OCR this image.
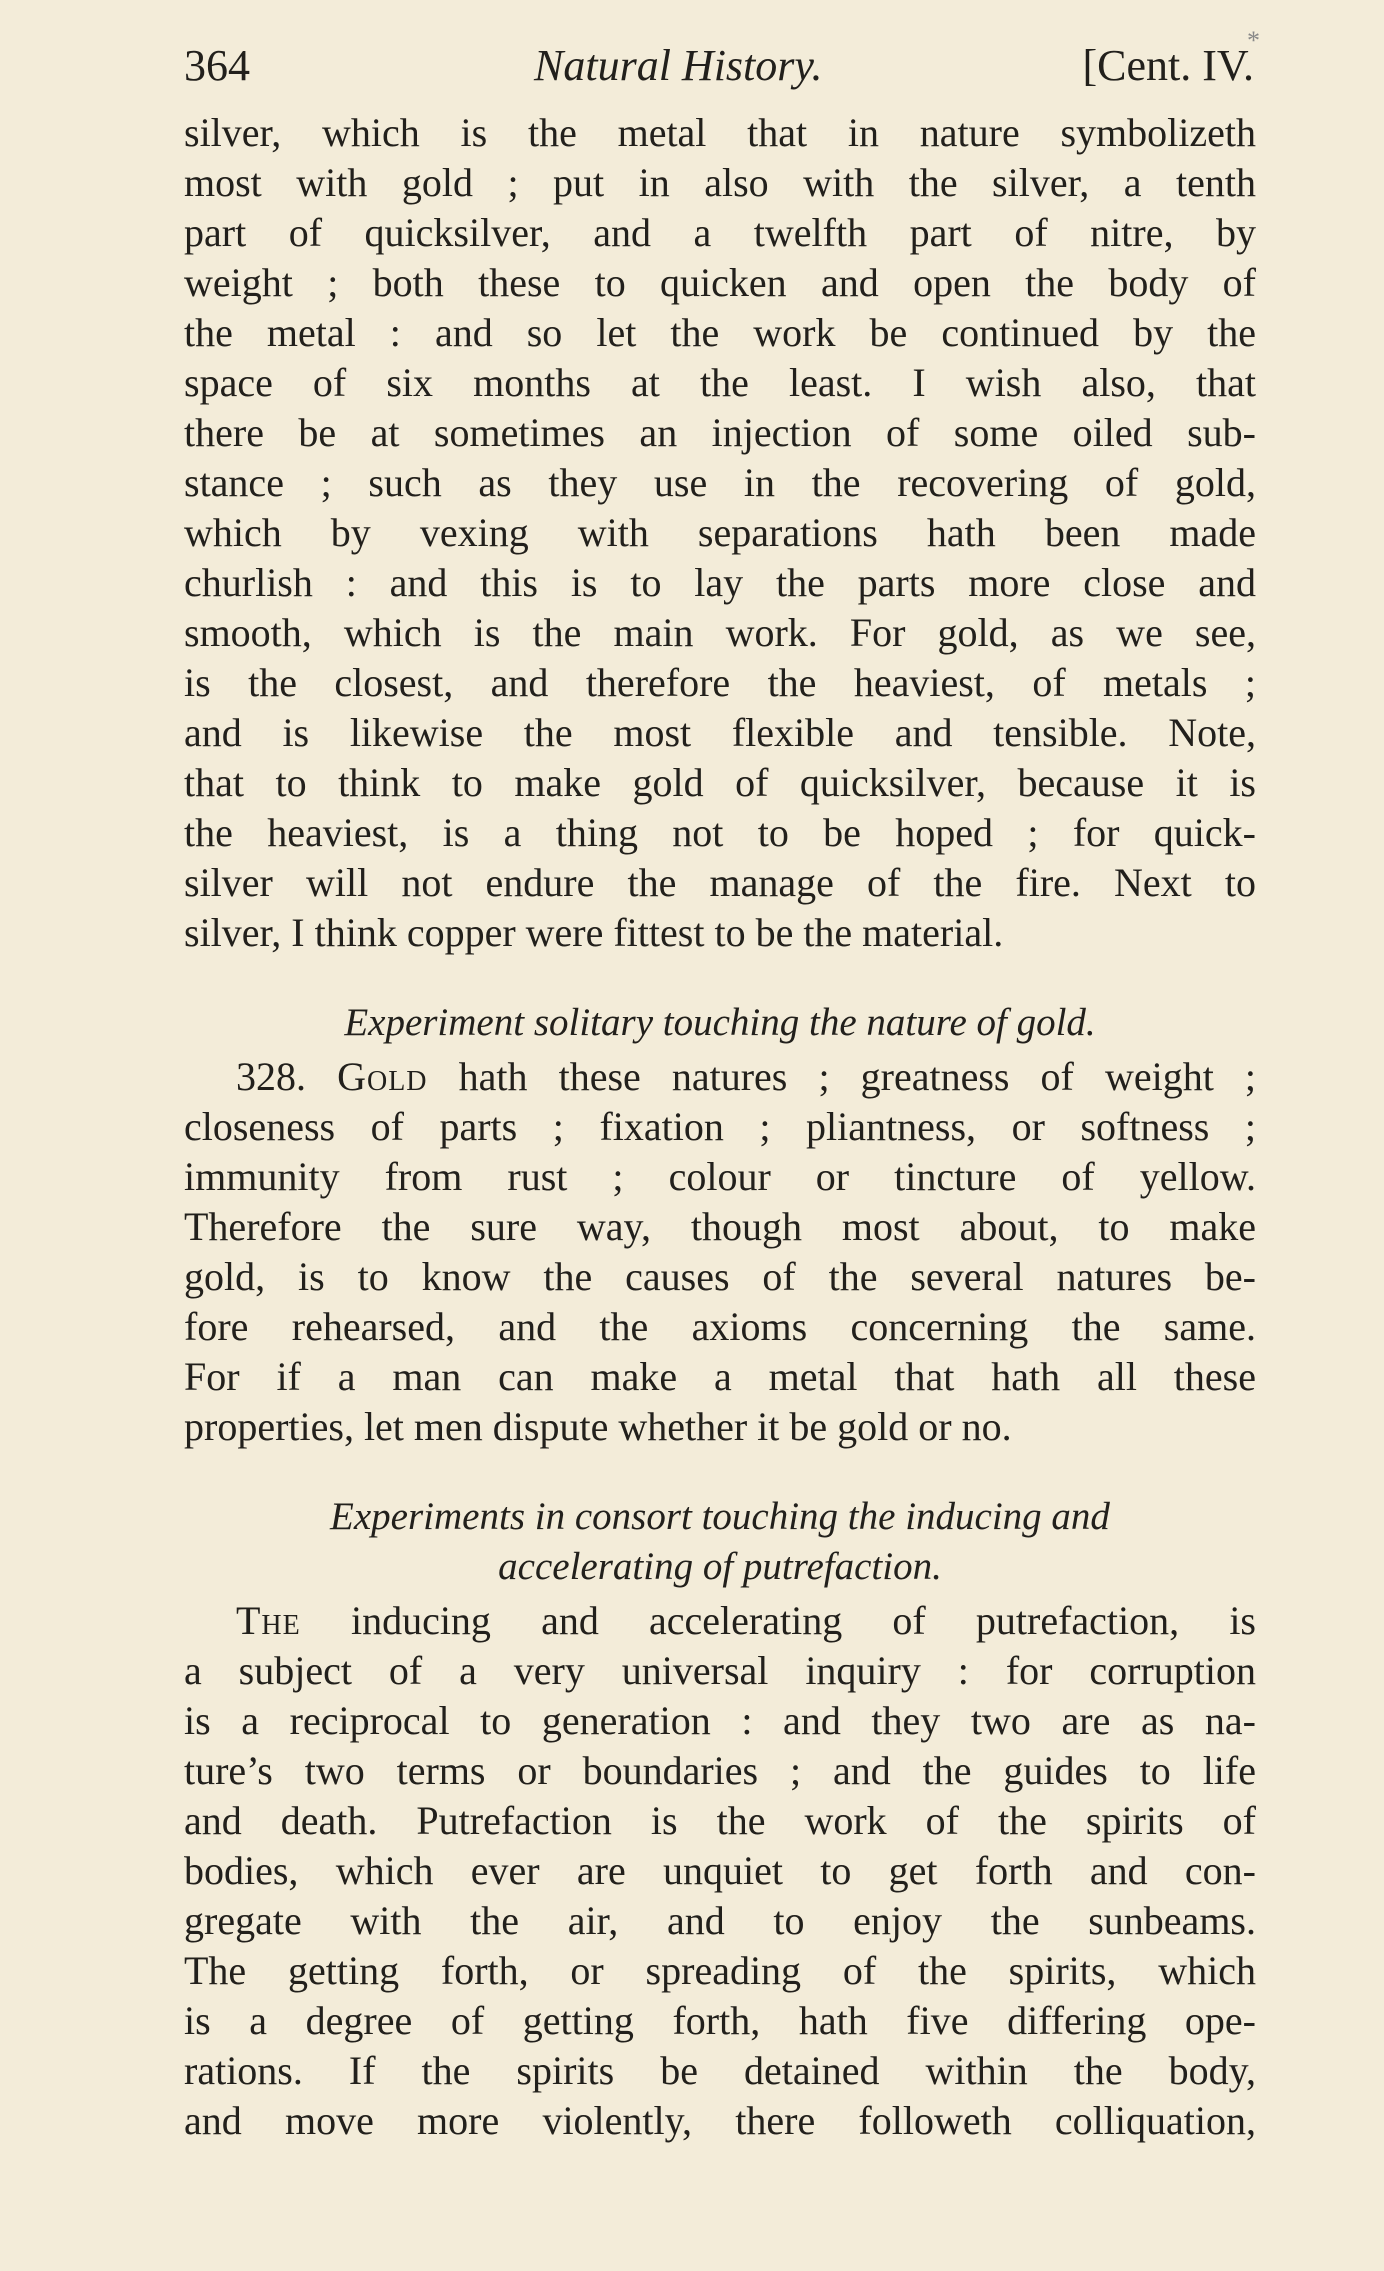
364	Natural History.	[Cent. IV.
*
silver, which is the metal that in nature symbolizeth
most with gold ; put in also with the silver, a tenth
part of quicksilver, and a twelfth part of nitre, by
weight ; both these to quicken and open the body of
the metal : and so let the work be continued by the
space of six months at the least. I wish also, that
there be at sometimes an injection of some oiled sub-
stance ; such as they use in the recovering of gold,
which by vexing with separations hath been made
churlish : and this is to lay the parts more close and
smooth, which is the main work. For gold, as we see,
is the closest, and therefore the heaviest, of metals ;
and is likewise the most flexible and tensible. Note,
that to think to make gold of quicksilver, because it is
the heaviest, is a thing not to be hoped ; for quick-
silver will not endure the manage of the fire. Next to
silver, I think copper were fittest to be the material.
Experiment solitary touching the nature of gold.
328. Gold hath these natures ; greatness of weight ;
closeness of parts ; fixation ; pliantness, or softness ;
immunity from rust ; colour or tincture of yellow.
Therefore the sure way, though most about, to make
gold, is to know the causes of the several natures be-
fore rehearsed, and the axioms concerning the same.
For if a man can make a metal that hath all these
properties, let men dispute whether it be gold or no.
Experiments in consort touching the inducing and
accelerating of putrefaction.
The inducing and accelerating of putrefaction, is
a subject of a very universal inquiry : for corruption
is a reciprocal to generation : and they two are as na-
ture’s two terms or boundaries ; and the guides to life
and death. Putrefaction is the work of the spirits of
bodies, which ever are unquiet to get forth and con-
gregate with the air, and to enjoy the sunbeams.
The getting forth, or spreading of the spirits, which
is a degree of getting forth, hath five differing ope-
rations. If the spirits be detained within the body,
and move more violently, there followeth colliquation,
